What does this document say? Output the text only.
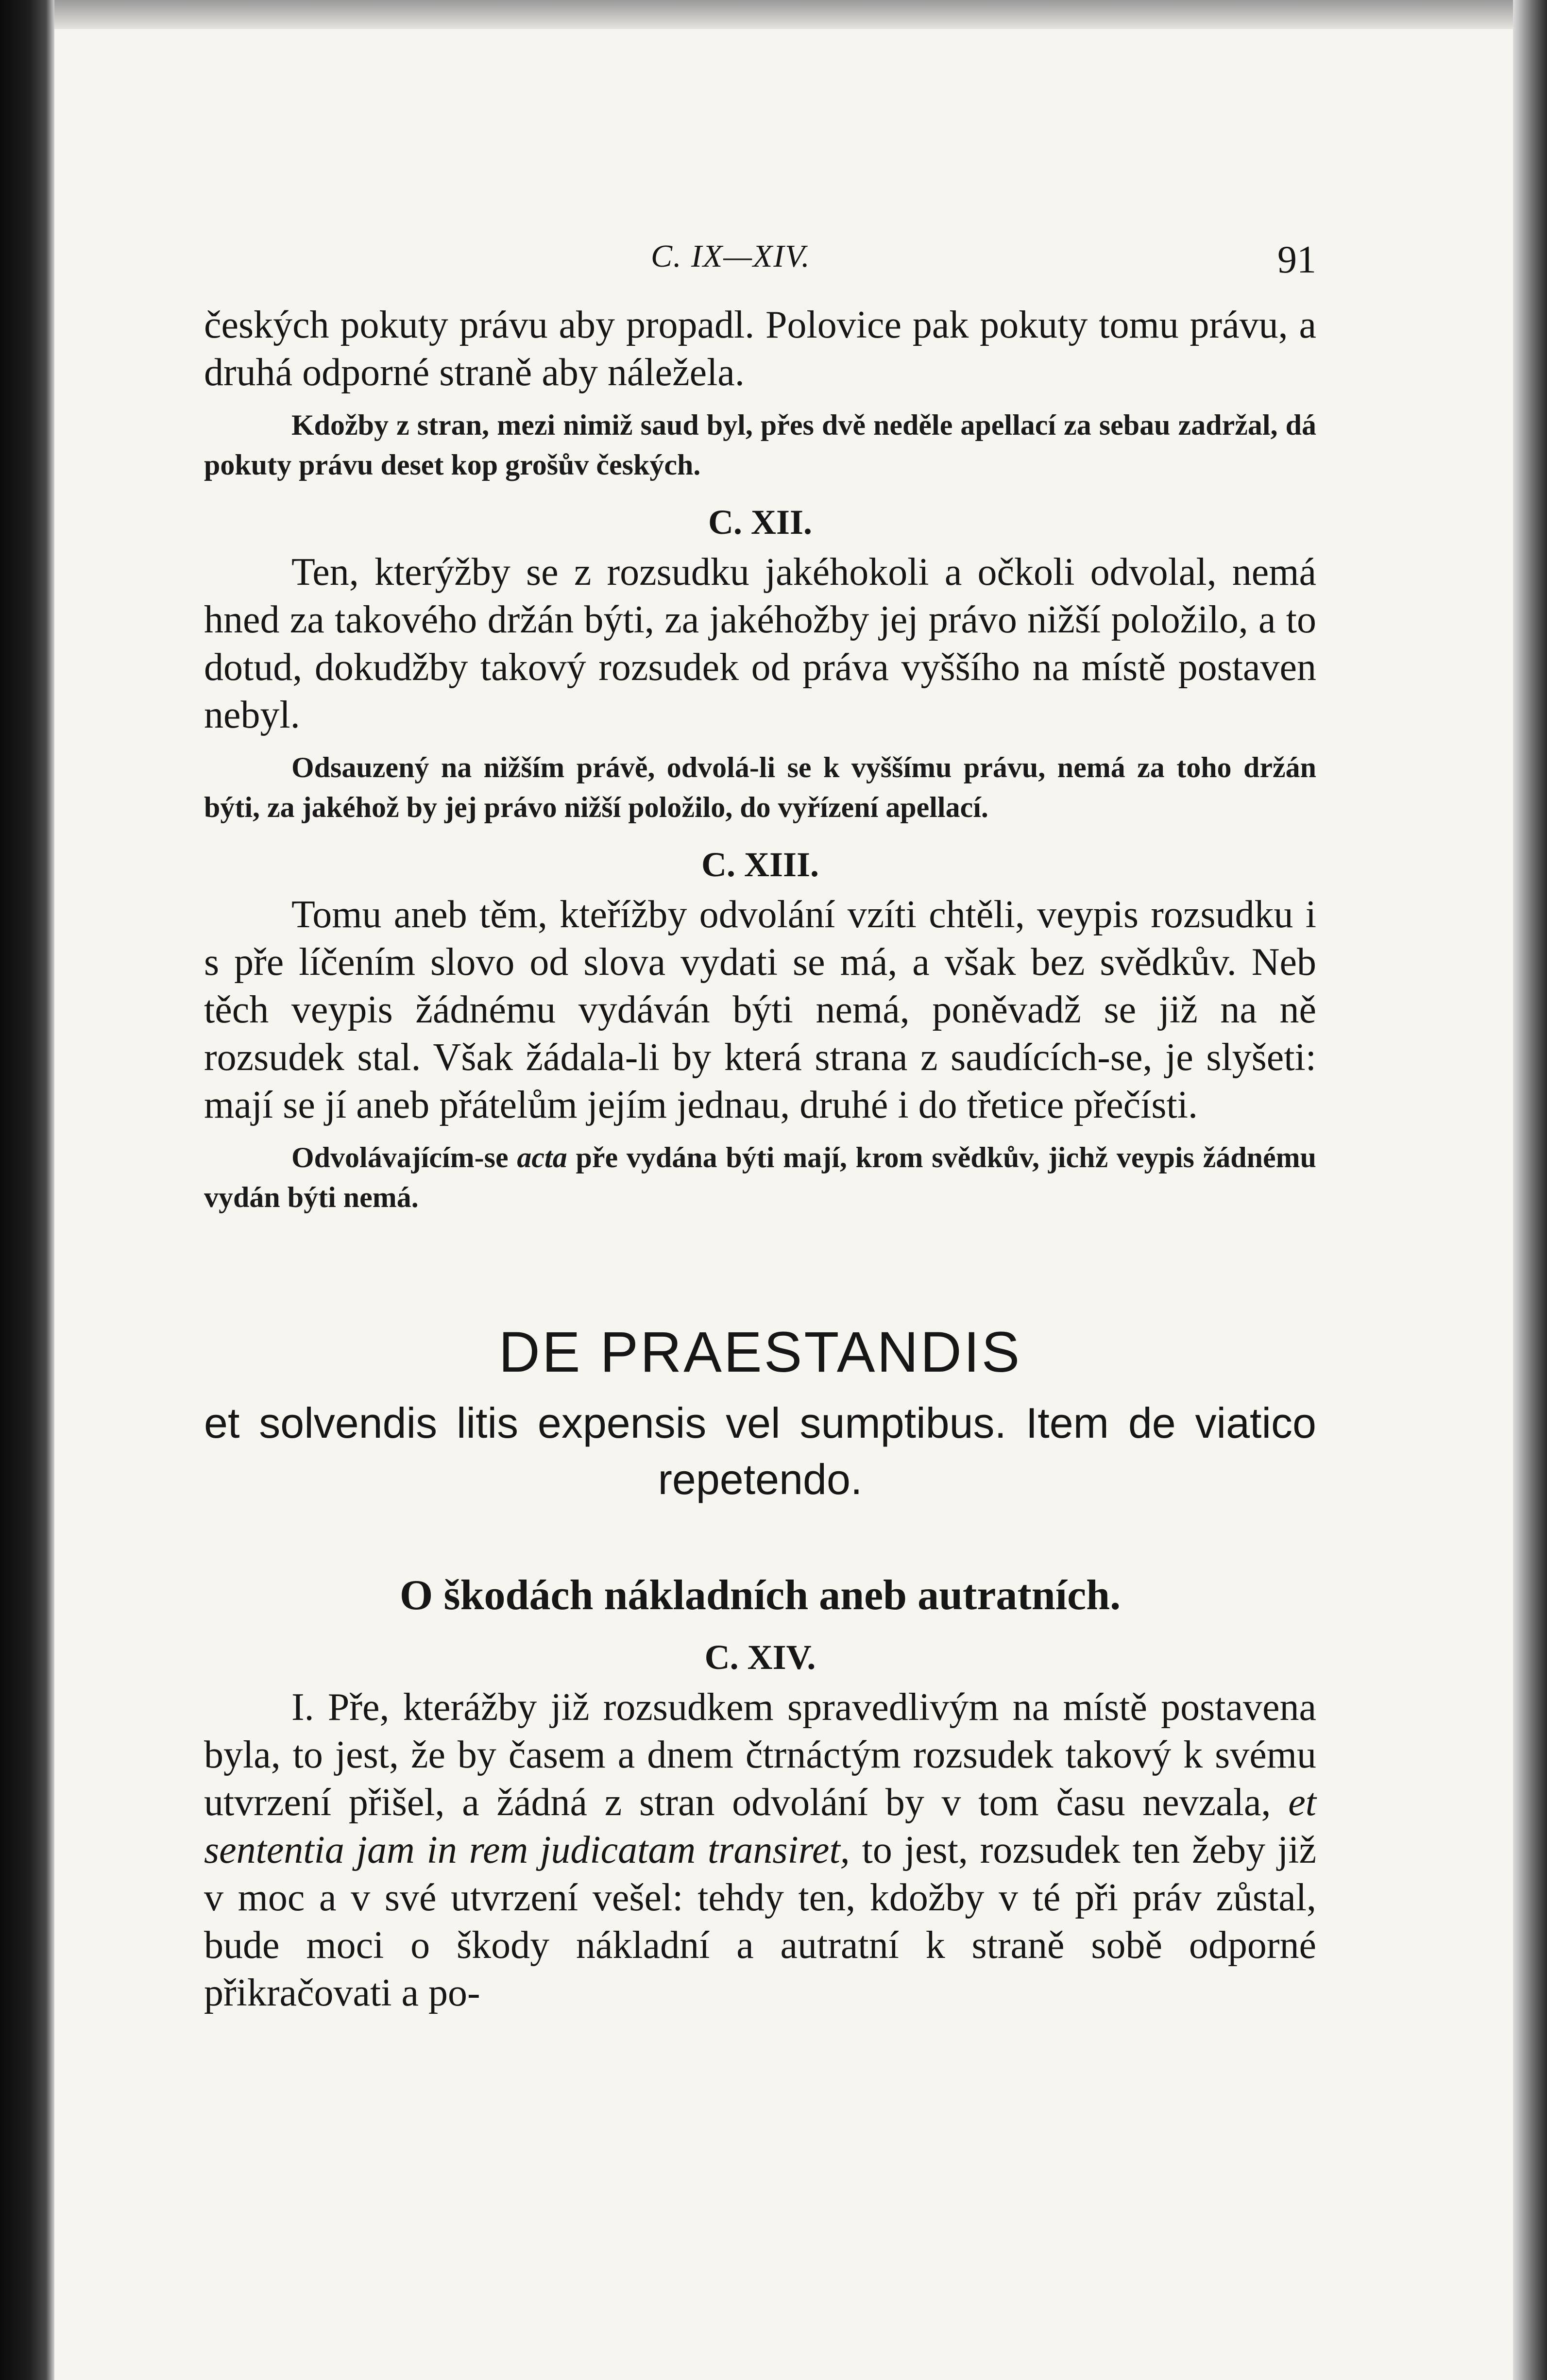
C. IX—XIV.	91

českých pokuty právu aby propadl. Polovice pak pokuty tomu právu, a druhá odporné straně aby náležela.

Kdožby z stran, mezi nimiž saud byl, přes dvě neděle apellací za sebau zadržal, dá pokuty právu deset kop grošův českých.

C. XII.

Ten, kterýžby se z rozsudku jakéhokoli a očkoli odvolal, nemá hned za takového držán býti, za jakéhožby jej právo nižší položilo, a to dotud, dokudžby takový rozsudek od práva vyššího na místě postaven nebyl.

Odsauzený na nižším právě, odvolá-li se k vyššímu právu, nemá za toho držán býti, za jakéhož by jej právo nižší položilo, do vyřízení apellací.

C. XIII.

Tomu aneb těm, kteřížby odvolání vzíti chtěli, veypis rozsudku i s pře líčením slovo od slova vydati se má, a však bez svědkův. Neb těch veypis žádnému vydáván býti nemá, poněvadž se již na ně rozsudek stal. Však žádala-li by která strana z saudících-se, je slyšeti: mají se jí aneb přátelům jejím jednau, druhé i do třetice přečísti.

Odvolávajícím-se acta pře vydána býti mají, krom svědkův, jichž veypis žádnému vydán býti nemá.

DE PRAESTANDIS
et solvendis litis expensis vel sumptibus. Item de viatico repetendo.
O škodách nákladních aneb autratních.
C. XIV.

I. Pře, kterážby již rozsudkem spravedlivým na místě postavena byla, to jest, že by časem a dnem čtrnáctým rozsudek takový k svému utvrzení přišel, a žádná z stran odvolání by v tom času nevzala, et sententia jam in rem judicatam transiret, to jest, rozsudek ten žeby již v moc a v své utvrzení vešel: tehdy ten, kdožby v té při práv zůstal, bude moci o škody nákladní a autratní k straně sobě odporné přikračovati a po-
